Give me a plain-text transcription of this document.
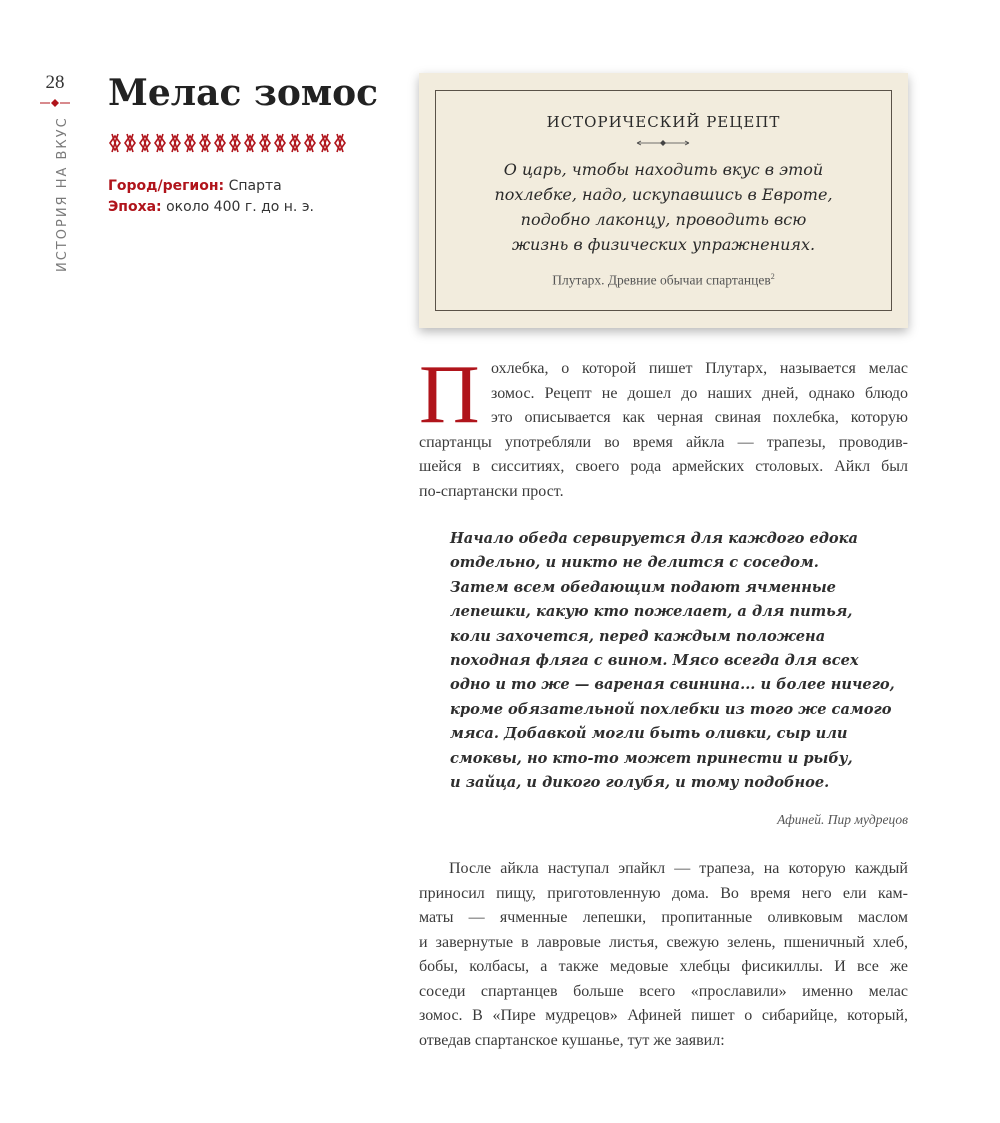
28
ИСТОРИЯ НА ВКУС
Мелас зомос
Город/регион: Спарта
Эпоха: около 400 г. до н. э.
ИСТОРИЧЕСКИЙ РЕЦЕПТ
О царь, чтобы находить вкус в этой
похлебке, надо, искупавшись в Евроте,
подобно лаконцу, проводить всю
жизнь в физических упражнениях.
Плутарх. Древние обычаи спартанцев$^2$
П охлебка, о которой пишет Плутарх, называется мелас
зомос. Рецепт не дошел до наших дней, однако блюдо
это описывается как черная свиная похлебка, которую
спартанцы употребляли во время айкла — трапезы, проводив-
шейся в сисситиях, своего рода армейских столовых. Айкл был
по-спартански прост.
Начало обеда сервируется для каждого едока
отдельно, и никто не делится с соседом.
Затем всем обедающим подают ячменные
лепешки, какую кто пожелает, а для питья,
коли захочется, перед каждым положена
походная фляга с вином. Мясо всегда для всех
одно и то же — вареная свинина... и более ничего,
кроме обязательной похлебки из того же самого
мяса. Добавкой могли быть оливки, сыр или
смоквы, но кто-то может принести и рыбу,
и зайца, и дикого голубя, и тому подобное.
Афиней. Пир мудрецов
После айкла наступал эпайкл — трапеза, на которую каждый
приносил пищу, приготовленную дома. Во время него ели кам-
маты — ячменные лепешки, пропитанные оливковым маслом
и завернутые в лавровые листья, свежую зелень, пшеничный хлеб,
бобы, колбасы, а также медовые хлебцы фисикиллы. И все же
соседи спартанцев больше всего «прославили» именно мелас
зомос. В «Пире мудрецов» Афиней пишет о сибарийце, который,
отведав спартанское кушанье, тут же заявил:
